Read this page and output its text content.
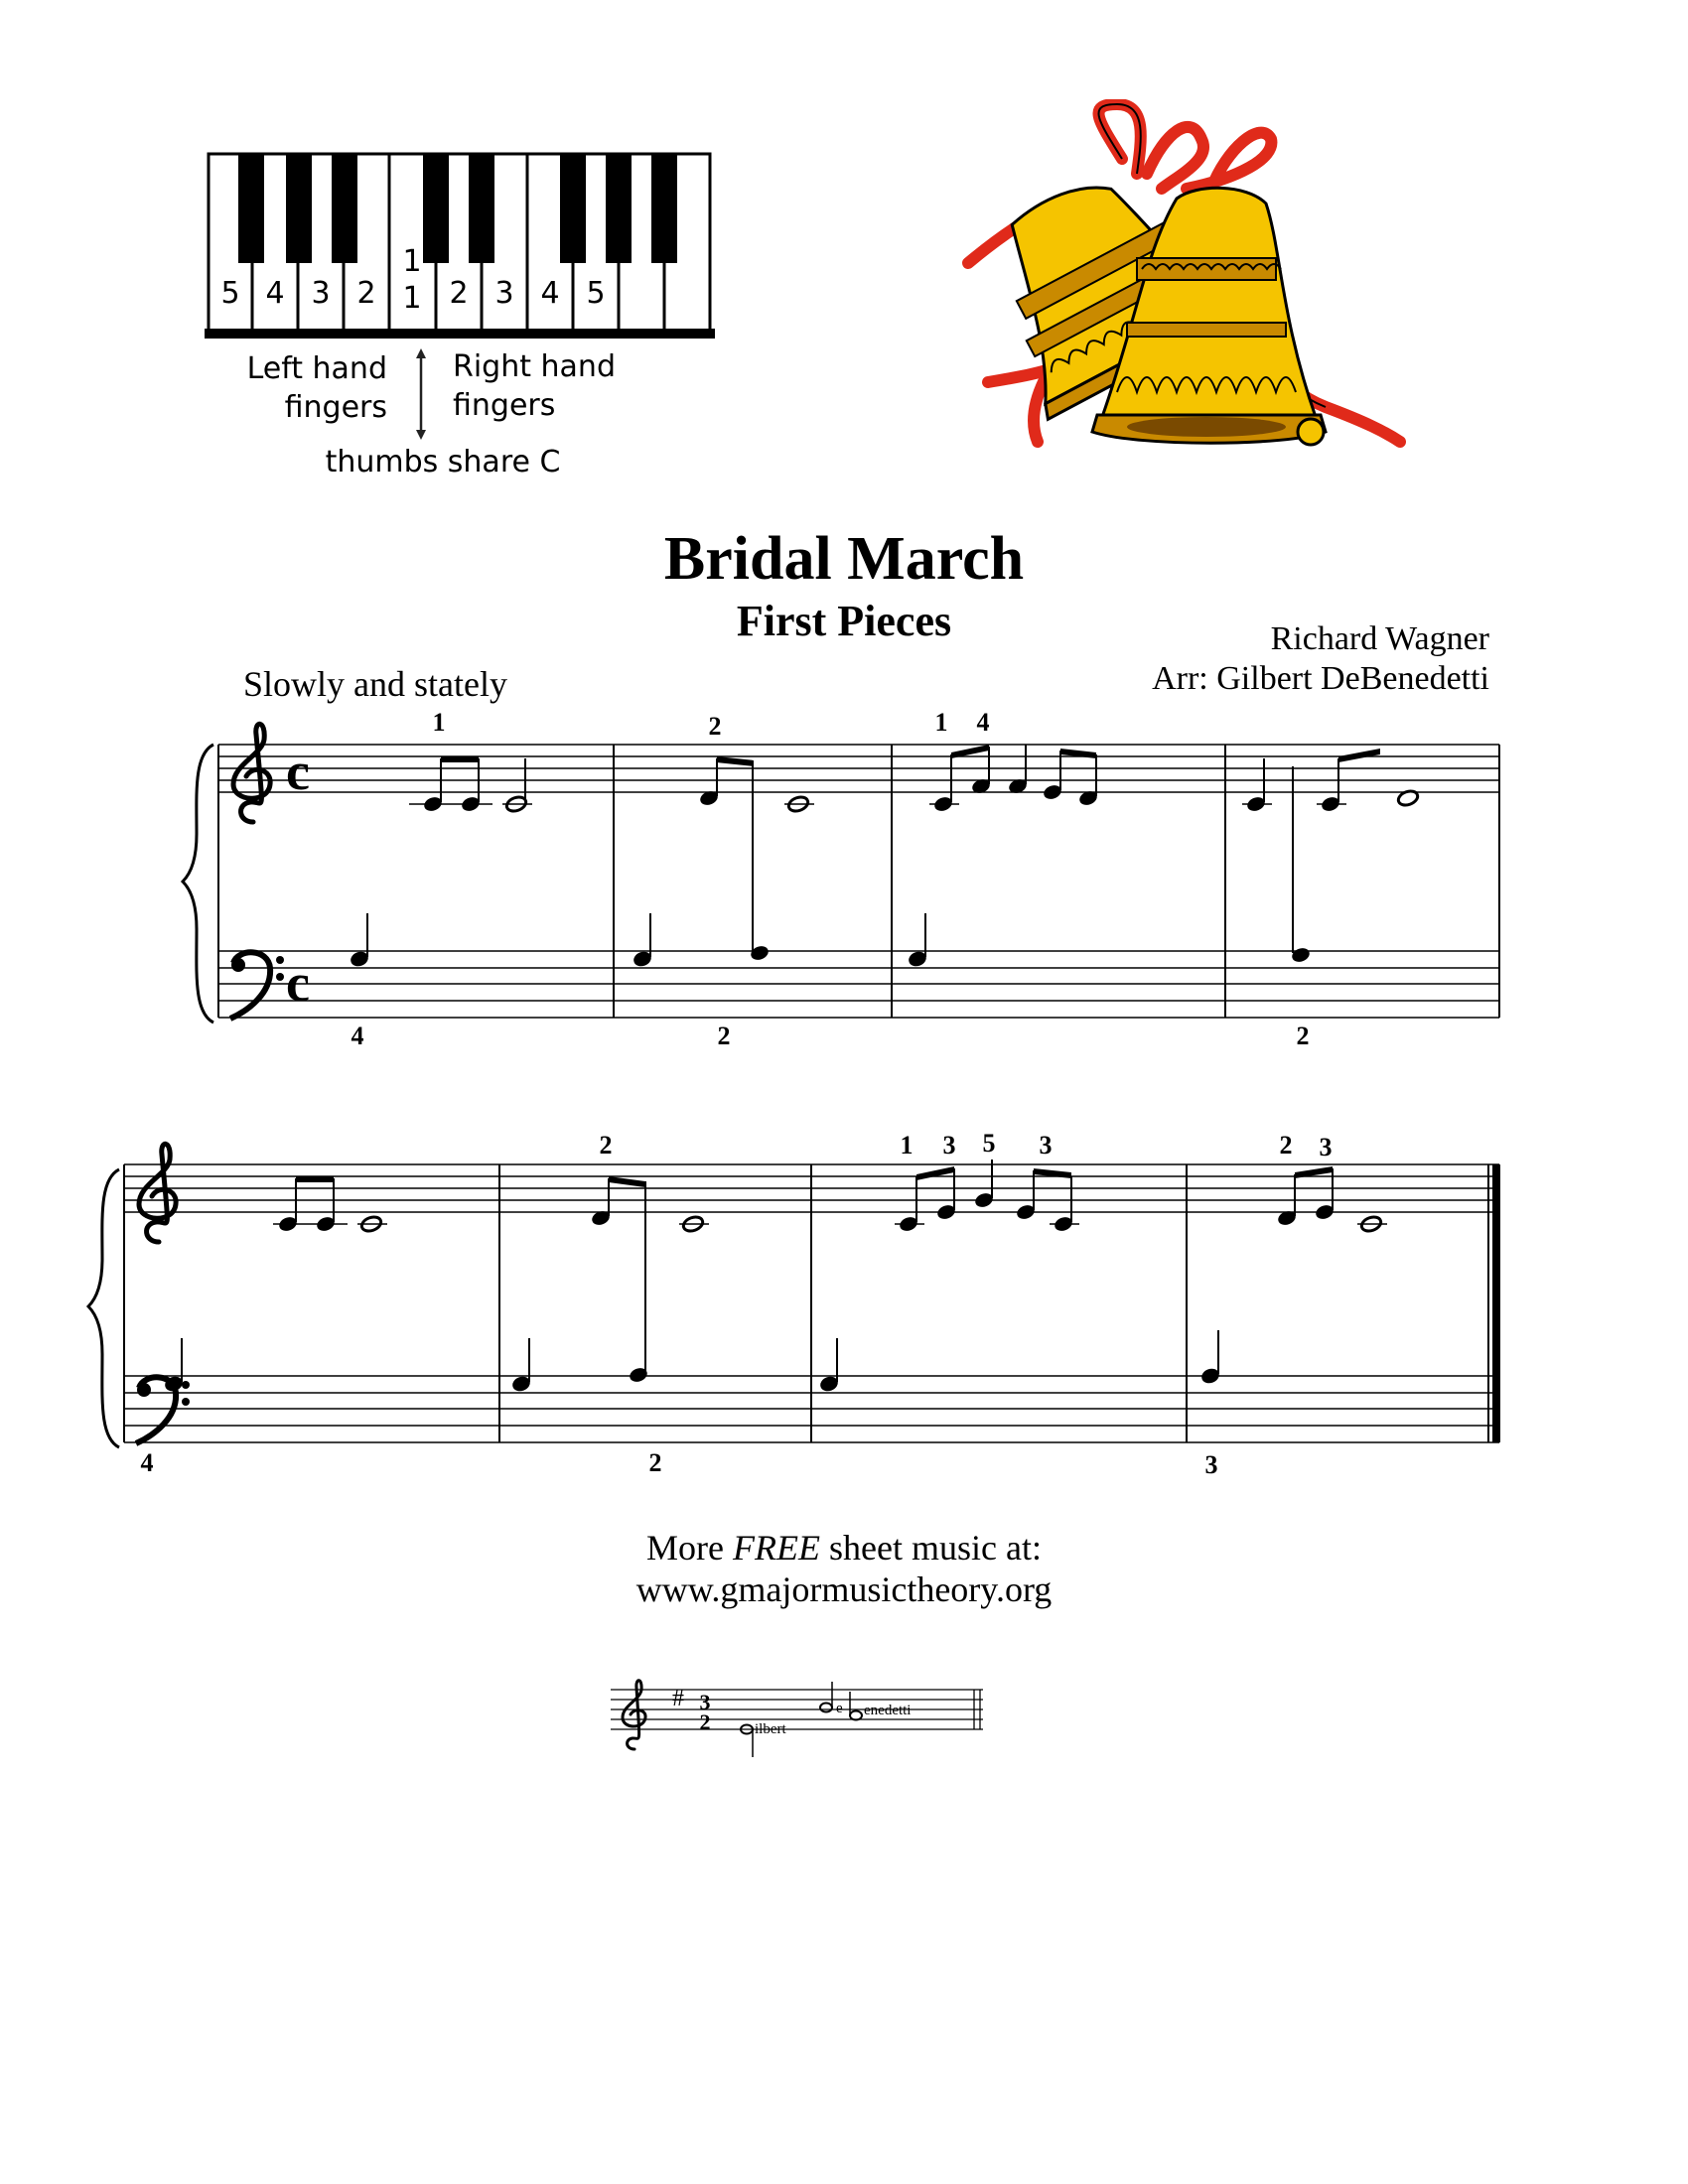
5 4 3 2
1
1 2 3 4 5
Left hand
fingers
Right hand
fingers
thumbs share C
Bridal March
First Pieces	Richard Wagner
Arr: Gilbert DeBenedetti
Slowly and stately
c
c
1
4
2
2
1 4
2
4
2
2
1 3 5 3	2 3
3
More FREE sheet music at:
www.gmajormusictheory.org
# 3
2	ilbert
e enedetti
